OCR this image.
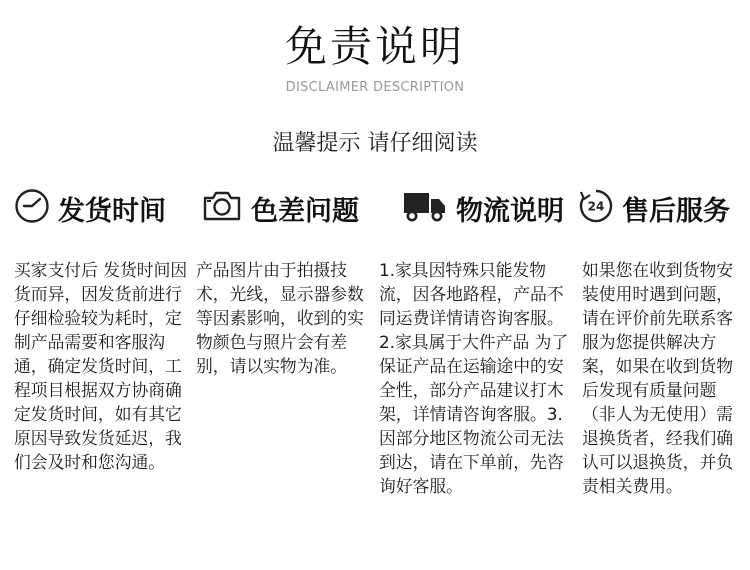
免责说明
DISCLAIMER DESCRIPTION
温馨提示 请仔细阅读
发货时间	色差问题	物流说明 24 售后服务
买家支付后 发货时间因货而异，因发货前进行仔细检验较为耗时，定制产品需要和客服沟通，确定发货时间，工程项目根据双方协商确定发货时间，如有其它原因导致发货延迟，我们会及时和您沟通。
产品图片由于拍摄技术，光线，显示器参数等因素影响，收到的实物颜色与照片会有差别，请以实物为准。
1.家具因特殊只能发物流，因各地路程，产品不同运费详情请咨询客服。2.家具属于大件产品 为了保证产品在运输途中的安全性，部分产品建议打木架，详情请咨询客服。3.因部分地区物流公司无法到达，请在下单前，先咨询好客服。
如果您在收到货物安装使用时遇到问题，请在评价前先联系客服为您提供解决方案，如果在收到货物后发现有质量问题（非人为无使用）需退换货者，经我们确认可以退换货，并负责相关费用。
